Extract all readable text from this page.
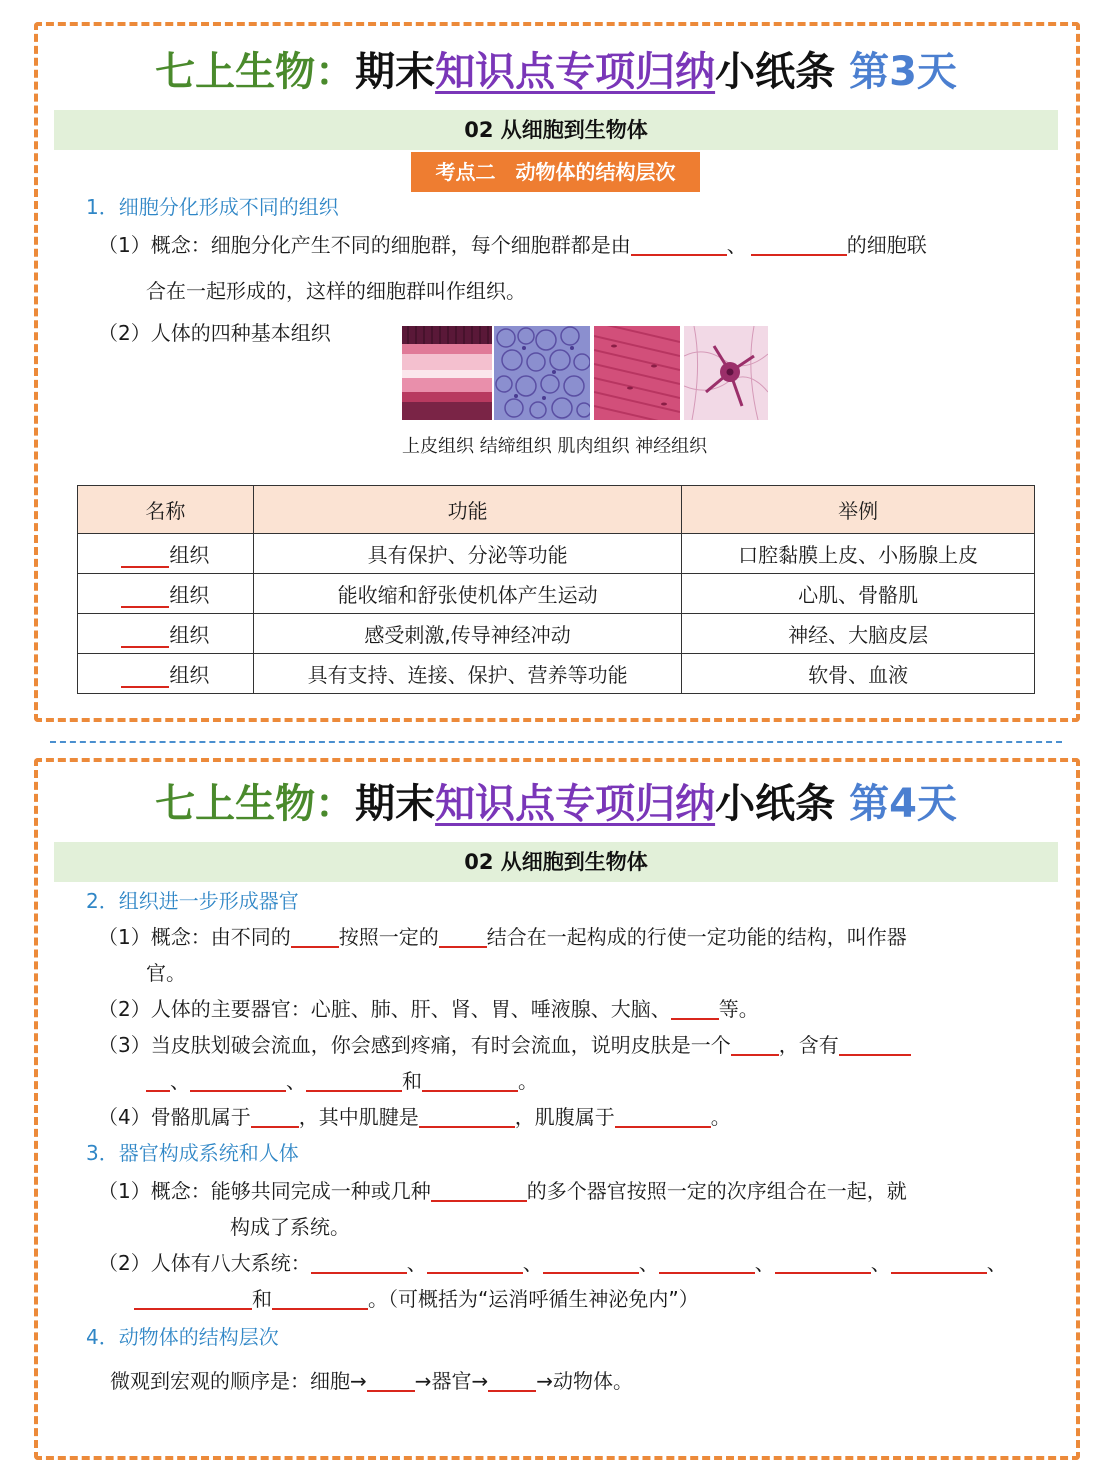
七上生物：期末知识点专项归纳小纸条 第3天
02 从细胞到生物体
考点二　动物体的结构层次
1．细胞分化形成不同的组织
（1）概念：细胞分化产生不同的细胞群，每个细胞群都是由	、	的细胞联
合在一起形成的，这样的细胞群叫作组织。
（2）人体的四种基本组织
上皮组织 结缔组织 肌肉组织 神经组织
名称	功能	举例
组织	具有保护、分泌等功能	口腔黏膜上皮、小肠腺上皮
组织	能收缩和舒张使机体产生运动	心肌、骨骼肌
组织	感受刺激,传导神经冲动	神经、大脑皮层
组织	具有支持、连接、保护、营养等功能	软骨、血液
七上生物：期末知识点专项归纳小纸条 第4天
02 从细胞到生物体
2．组织进一步形成器官
（1）概念：由不同的 按照一定的 结合在一起构成的行使一定功能的结构，叫作器
官。
（2）人体的主要器官：心脏、肺、肝、肾、胃、唾液腺、大脑、 等。
（3）当皮肤划破会流血，你会感到疼痛，有时会流血，说明皮肤是一个 ，含有
、	、	和	。
（4）骨骼肌属于 ，其中肌腱是	，肌腹属于	。
3．器官构成系统和人体
（1）概念：能够共同完成一种或几种	的多个器官按照一定的次序组合在一起，就
构成了系统。
（2）人体有八大系统：	、	、	、	、	、	、
和	。（可概括为“运消呼循生神泌免内”）
4．动物体的结构层次
微观到宏观的顺序是：细胞→ →器官→ →动物体。
